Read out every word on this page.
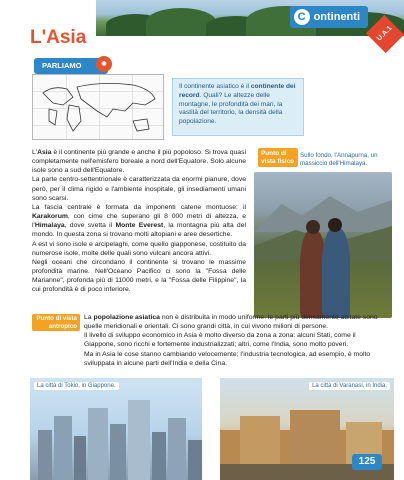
C ontinenti
U.A.1
L'Asia
PARLIAMO	◉
Il continente asiatico è il continente dei record. Quali? Le altezze delle montagne, le profondità dei mari, la vastità del territorio, la densità della popolazione.
L'Asia è il continente più grande e anche il più popoloso. Si trova quasi completamente nell'emisfero boreale a nord dell'Equatore. Solo alcune isole sono a sud dell'Equatore.
La parte centro-settentrionale è caratterizzata da enormi pianure, dove però, per il clima rigido e l'ambiente inospitale, gli insediamenti umani sono scarsi.
La fascia centrale è formata da imponenti catene montuose: il Karakorum, con cime che superano gli 8 000 metri di altezza, e l'Himalaya, dove svetta il Monte Everest, la montagna più alta del mondo. In questa zona si trovano molti altopiani e aree desertiche.
A est vi sono isole e arcipelaghi, come quello giapponese, costituito da numerose isole, molte delle quali sono vulcani ancora attivi.
Negli oceani che circondano il continente si trovano le massime profondità marine. Nell'Oceano Pacifico ci sono la "Fossa delle Marianne", profonda più di 11000 metri, e la "Fossa delle Filippine", la cui profondità è di poco inferiore.
Punto di vista fisico
Sullo fondo, l'Annapurna, un massiccio dell'Himalaya.
Punto di vista antropico
La popolazione asiatica non è distribuita in modo uniforme: le parti più densamente abitate sono quelle meridionali e orientali. Ci sono grandi città, in cui vivono milioni di persone.
Il livello di sviluppo economico in Asia è molto diverso da zona a zona: alcuni Stati, come il Giappone, sono ricchi e fortemente industrializzati; altri, come l'India, sono molto poveri.
Ma in Asia le cose stanno cambiando velocemente; l'industria tecnologica, ad esempio, è molto sviluppata in alcune parti dell'India e della Cina.
La città di Tokio, in Giappone.	La città di Varanasi, in India.
125
